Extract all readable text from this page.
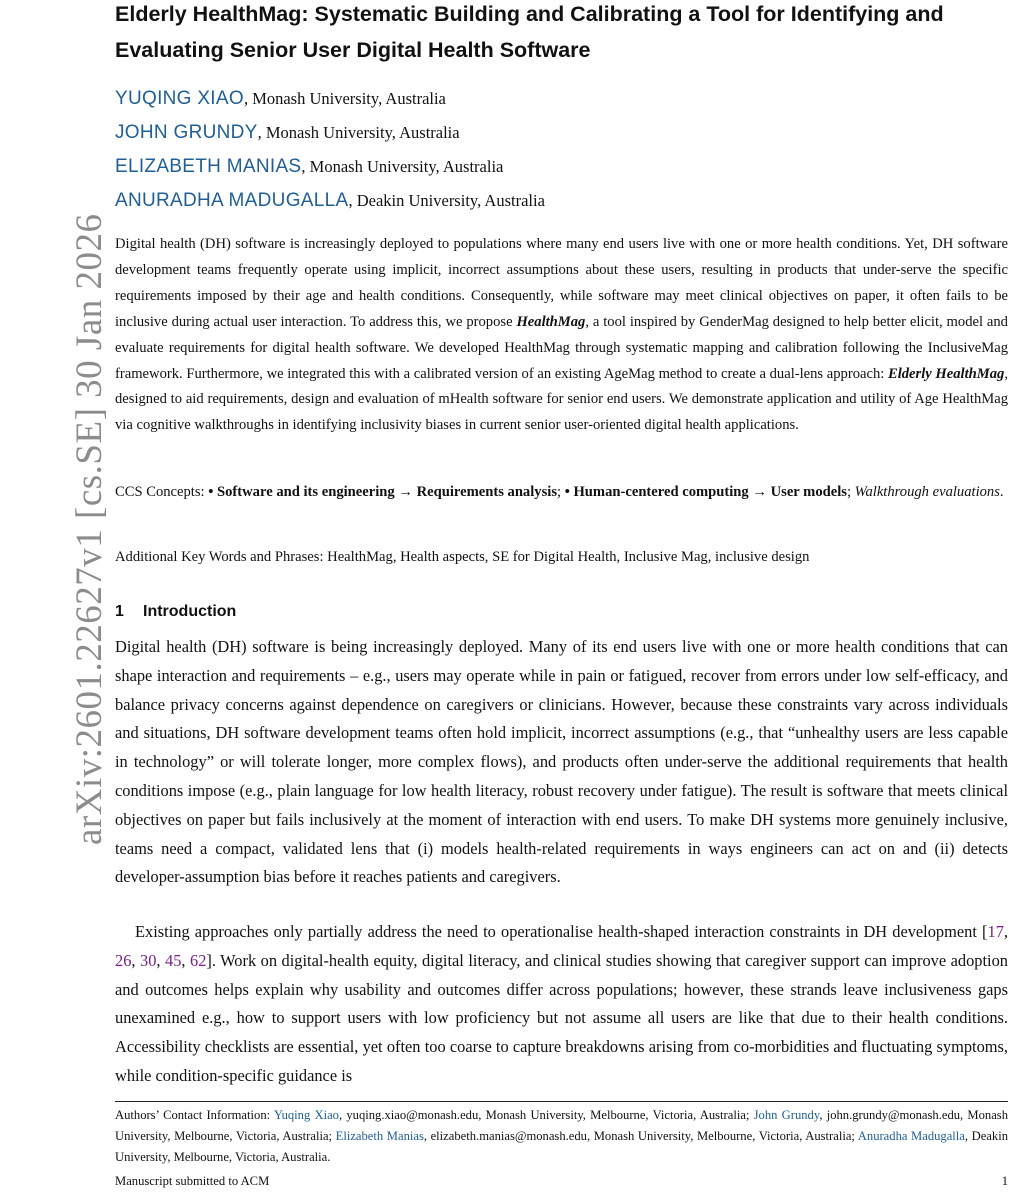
arXiv:2601.22627v1 [cs.SE] 30 Jan 2026
Elderly HealthMag: Systematic Building and Calibrating a Tool for Identifying and Evaluating Senior User Digital Health Software
YUQING XIAO, Monash University, Australia
JOHN GRUNDY, Monash University, Australia
ELIZABETH MANIAS, Monash University, Australia
ANURADHA MADUGALLA, Deakin University, Australia
Digital health (DH) software is increasingly deployed to populations where many end users live with one or more health conditions. Yet, DH software development teams frequently operate using implicit, incorrect assumptions about these users, resulting in products that under-serve the specific requirements imposed by their age and health conditions. Consequently, while software may meet clinical objectives on paper, it often fails to be inclusive during actual user interaction. To address this, we propose HealthMag, a tool inspired by GenderMag designed to help better elicit, model and evaluate requirements for digital health software. We developed HealthMag through systematic mapping and calibration following the InclusiveMag framework. Furthermore, we integrated this with a calibrated version of an existing AgeMag method to create a dual-lens approach: Elderly HealthMag, designed to aid requirements, design and evaluation of mHealth software for senior end users. We demonstrate application and utility of Age HealthMag via cognitive walkthroughs in identifying inclusivity biases in current senior user-oriented digital health applications.
CCS Concepts: • Software and its engineering → Requirements analysis; • Human-centered computing → User models; Walkthrough evaluations.
Additional Key Words and Phrases: HealthMag, Health aspects, SE for Digital Health, Inclusive Mag, inclusive design
1 Introduction
Digital health (DH) software is being increasingly deployed. Many of its end users live with one or more health conditions that can shape interaction and requirements – e.g., users may operate while in pain or fatigued, recover from errors under low self-efficacy, and balance privacy concerns against dependence on caregivers or clinicians. However, because these constraints vary across individuals and situations, DH software development teams often hold implicit, incorrect assumptions (e.g., that “unhealthy users are less capable in technology” or will tolerate longer, more complex flows), and products often under-serve the additional requirements that health conditions impose (e.g., plain language for low health literacy, robust recovery under fatigue). The result is software that meets clinical objectives on paper but fails inclusively at the moment of interaction with end users. To make DH systems more genuinely inclusive, teams need a compact, validated lens that (i) models health-related requirements in ways engineers can act on and (ii) detects developer-assumption bias before it reaches patients and caregivers.
Existing approaches only partially address the need to operationalise health-shaped interaction constraints in DH development [17, 26, 30, 45, 62]. Work on digital-health equity, digital literacy, and clinical studies showing that caregiver support can improve adoption and outcomes helps explain why usability and outcomes differ across populations; however, these strands leave inclusiveness gaps unexamined e.g., how to support users with low proficiency but not assume all users are like that due to their health conditions. Accessibility checklists are essential, yet often too coarse to capture breakdowns arising from co-morbidities and fluctuating symptoms, while condition-specific guidance is
Authors’ Contact Information: Yuqing Xiao, yuqing.xiao@monash.edu, Monash University, Melbourne, Victoria, Australia; John Grundy, john.grundy@monash.edu, Monash University, Melbourne, Victoria, Australia; Elizabeth Manias, elizabeth.manias@monash.edu, Monash University, Melbourne, Victoria, Australia; Anuradha Madugalla, Deakin University, Melbourne, Victoria, Australia.
Manuscript submitted to ACM	1
